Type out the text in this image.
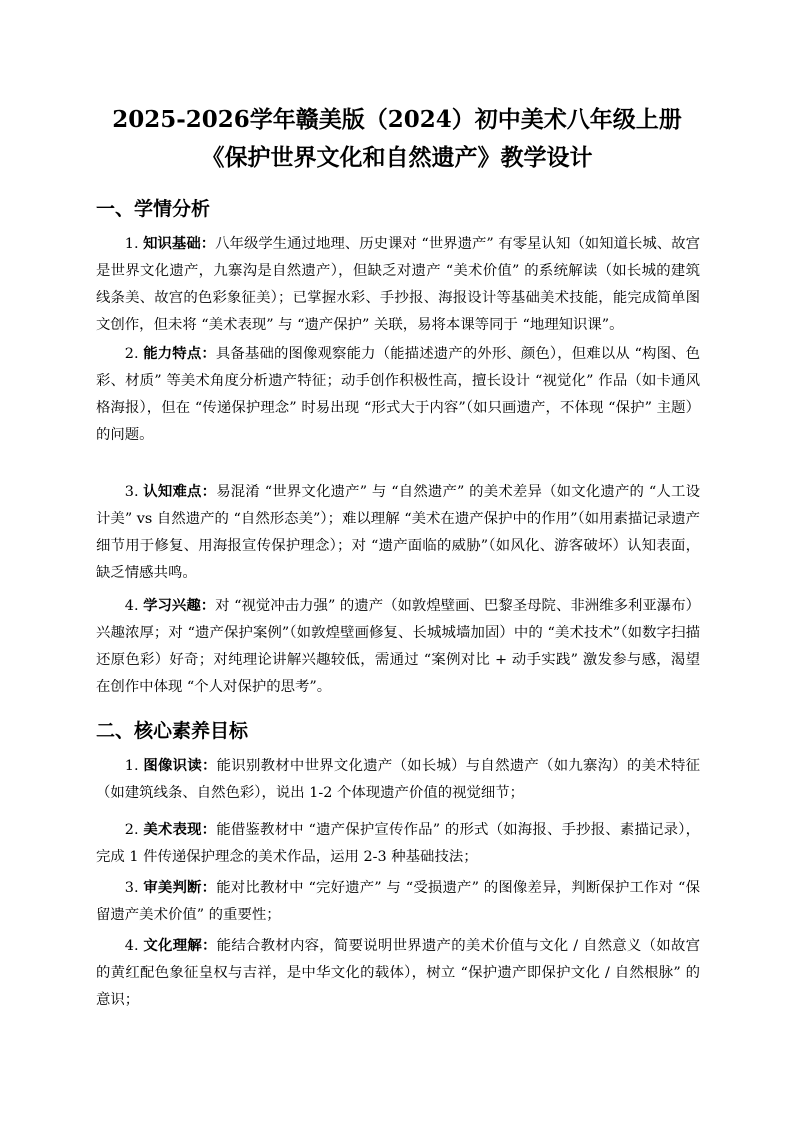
2025-2026学年赣美版（2024）初中美术八年级上册
《保护世界文化和自然遗产》教学设计
一、学情分析

1. 知识基础：八年级学生通过地理、历史课对 “世界遗产” 有零星认知（如知道长城、故宫是世界文化遗产，九寨沟是自然遗产），但缺乏对遗产 “美术价值” 的系统解读（如长城的建筑线条美、故宫的色彩象征美）；已掌握水彩、手抄报、海报设计等基础美术技能，能完成简单图文创作，但未将 “美术表现” 与 “遗产保护” 关联，易将本课等同于 “地理知识课”。

2. 能力特点：具备基础的图像观察能力（能描述遗产的外形、颜色），但难以从 “构图、色彩、材质” 等美术角度分析遗产特征；动手创作积极性高，擅长设计 “视觉化” 作品（如卡通风格海报），但在 “传递保护理念” 时易出现 “形式大于内容”（如只画遗产，不体现 “保护” 主题）的问题。

3. 认知难点：易混淆 “世界文化遗产” 与 “自然遗产” 的美术差异（如文化遗产的 “人工设计美” vs 自然遗产的 “自然形态美”）；难以理解 “美术在遗产保护中的作用”（如用素描记录遗产细节用于修复、用海报宣传保护理念）；对 “遗产面临的威胁”（如风化、游客破坏）认知表面，缺乏情感共鸣。

4. 学习兴趣：对 “视觉冲击力强” 的遗产（如敦煌壁画、巴黎圣母院、非洲维多利亚瀑布）兴趣浓厚；对 “遗产保护案例”（如敦煌壁画修复、长城城墙加固）中的 “美术技术”（如数字扫描还原色彩）好奇；对纯理论讲解兴趣较低，需通过 “案例对比 + 动手实践” 激发参与感，渴望在创作中体现 “个人对保护的思考”。

二、核心素养目标

1. 图像识读：能识别教材中世界文化遗产（如长城）与自然遗产（如九寨沟）的美术特征（如建筑线条、自然色彩），说出 1-2 个体现遗产价值的视觉细节；

2. 美术表现：能借鉴教材中 “遗产保护宣传作品” 的形式（如海报、手抄报、素描记录），完成 1 件传递保护理念的美术作品，运用 2-3 种基础技法；

3. 审美判断：能对比教材中 “完好遗产” 与 “受损遗产” 的图像差异，判断保护工作对 “保留遗产美术价值” 的重要性；

4. 文化理解：能结合教材内容，简要说明世界遗产的美术价值与文化 / 自然意义（如故宫的黄红配色象征皇权与吉祥，是中华文化的载体），树立 “保护遗产即保护文化 / 自然根脉” 的意识；
